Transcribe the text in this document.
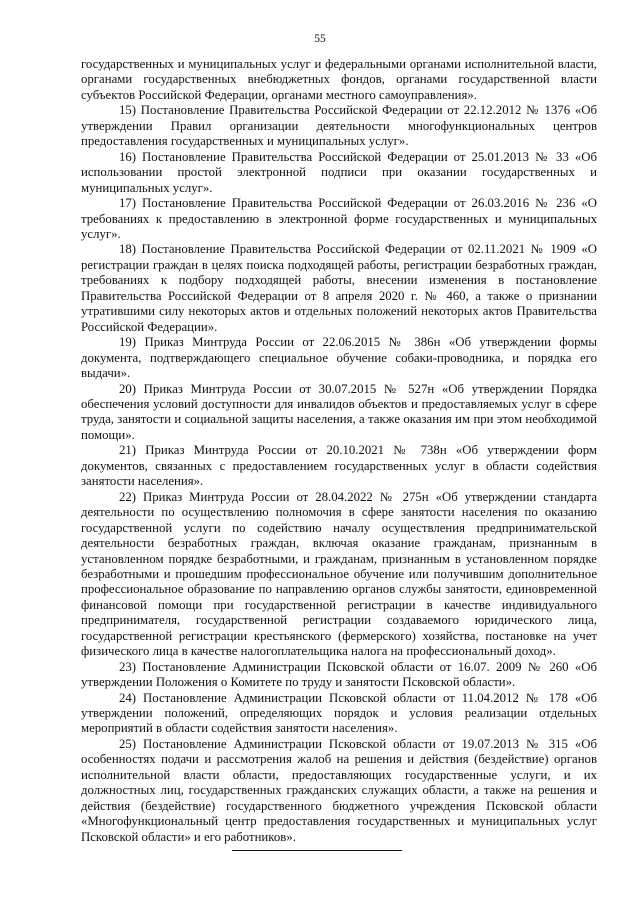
55

государственных и муниципальных услуг и федеральными органами исполнительной власти, органами государственных внебюджетных фондов, органами государственной власти субъектов Российской Федерации, органами местного самоуправления».

15) Постановление Правительства Российской Федерации от 22.12.2012 № 1376 «Об утверждении Правил организации деятельности многофункциональных центров предоставления государственных и муниципальных услуг».

16) Постановление Правительства Российской Федерации от 25.01.2013 № 33 «Об использовании простой электронной подписи при оказании государственных и муниципальных услуг».

17) Постановление Правительства Российской Федерации от 26.03.2016 № 236 «О требованиях к предоставлению в электронной форме государственных и муниципальных услуг».

18) Постановление Правительства Российской Федерации от 02.11.2021 № 1909 «О регистрации граждан в целях поиска подходящей работы, регистрации безработных граждан, требованиях к подбору подходящей работы, внесении изменения в постановление Правительства Российской Федерации от 8 апреля 2020 г. № 460, а также о признании утратившими силу некоторых актов и отдельных положений некоторых актов Правительства Российской Федерации».

19) Приказ Минтруда России от 22.06.2015 № 386н «Об утверждении формы документа, подтверждающего специальное обучение собаки-проводника, и порядка его выдачи».

20) Приказ Минтруда России от 30.07.2015 № 527н «Об утверждении Порядка обеспечения условий доступности для инвалидов объектов и предоставляемых услуг в сфере труда, занятости и социальной защиты населения, а также оказания им при этом необходимой помощи».

21) Приказ Минтруда России от 20.10.2021 № 738н «Об утверждении форм документов, связанных с предоставлением государственных услуг в области содействия занятости населения».

22) Приказ Минтруда России от 28.04.2022 № 275н «Об утверждении стандарта деятельности по осуществлению полномочия в сфере занятости населения по оказанию государственной услуги по содействию началу осуществления предпринимательской деятельности безработных граждан, включая оказание гражданам, признанным в установленном порядке безработными, и гражданам, признанным в установленном порядке безработными и прошедшим профессиональное обучение или получившим дополнительное профессиональное образование по направлению органов службы занятости, единовременной финансовой помощи при государственной регистрации в качестве индивидуального предпринимателя, государственной регистрации создаваемого юридического лица, государственной регистрации крестьянского (фермерского) хозяйства, постановке на учет физического лица в качестве налогоплательщика налога на профессиональный доход».

23) Постановление Администрации Псковской области от 16.07. 2009 № 260 «Об утверждении Положения о Комитете по труду и занятости Псковской области».

24) Постановление Администрации Псковской области от 11.04.2012 № 178 «Об утверждении положений, определяющих порядок и условия реализации отдельных мероприятий в области содействия занятости населения».

25) Постановление Администрации Псковской области от 19.07.2013 № 315 «Об особенностях подачи и рассмотрения жалоб на решения и действия (бездействие) органов исполнительной власти области, предоставляющих государственные услуги, и их должностных лиц, государственных гражданских служащих области, а также на решения и действия (бездействие) государственного бюджетного учреждения Псковской области «Многофункциональный центр предоставления государственных и муниципальных услуг Псковской области» и его работников».
